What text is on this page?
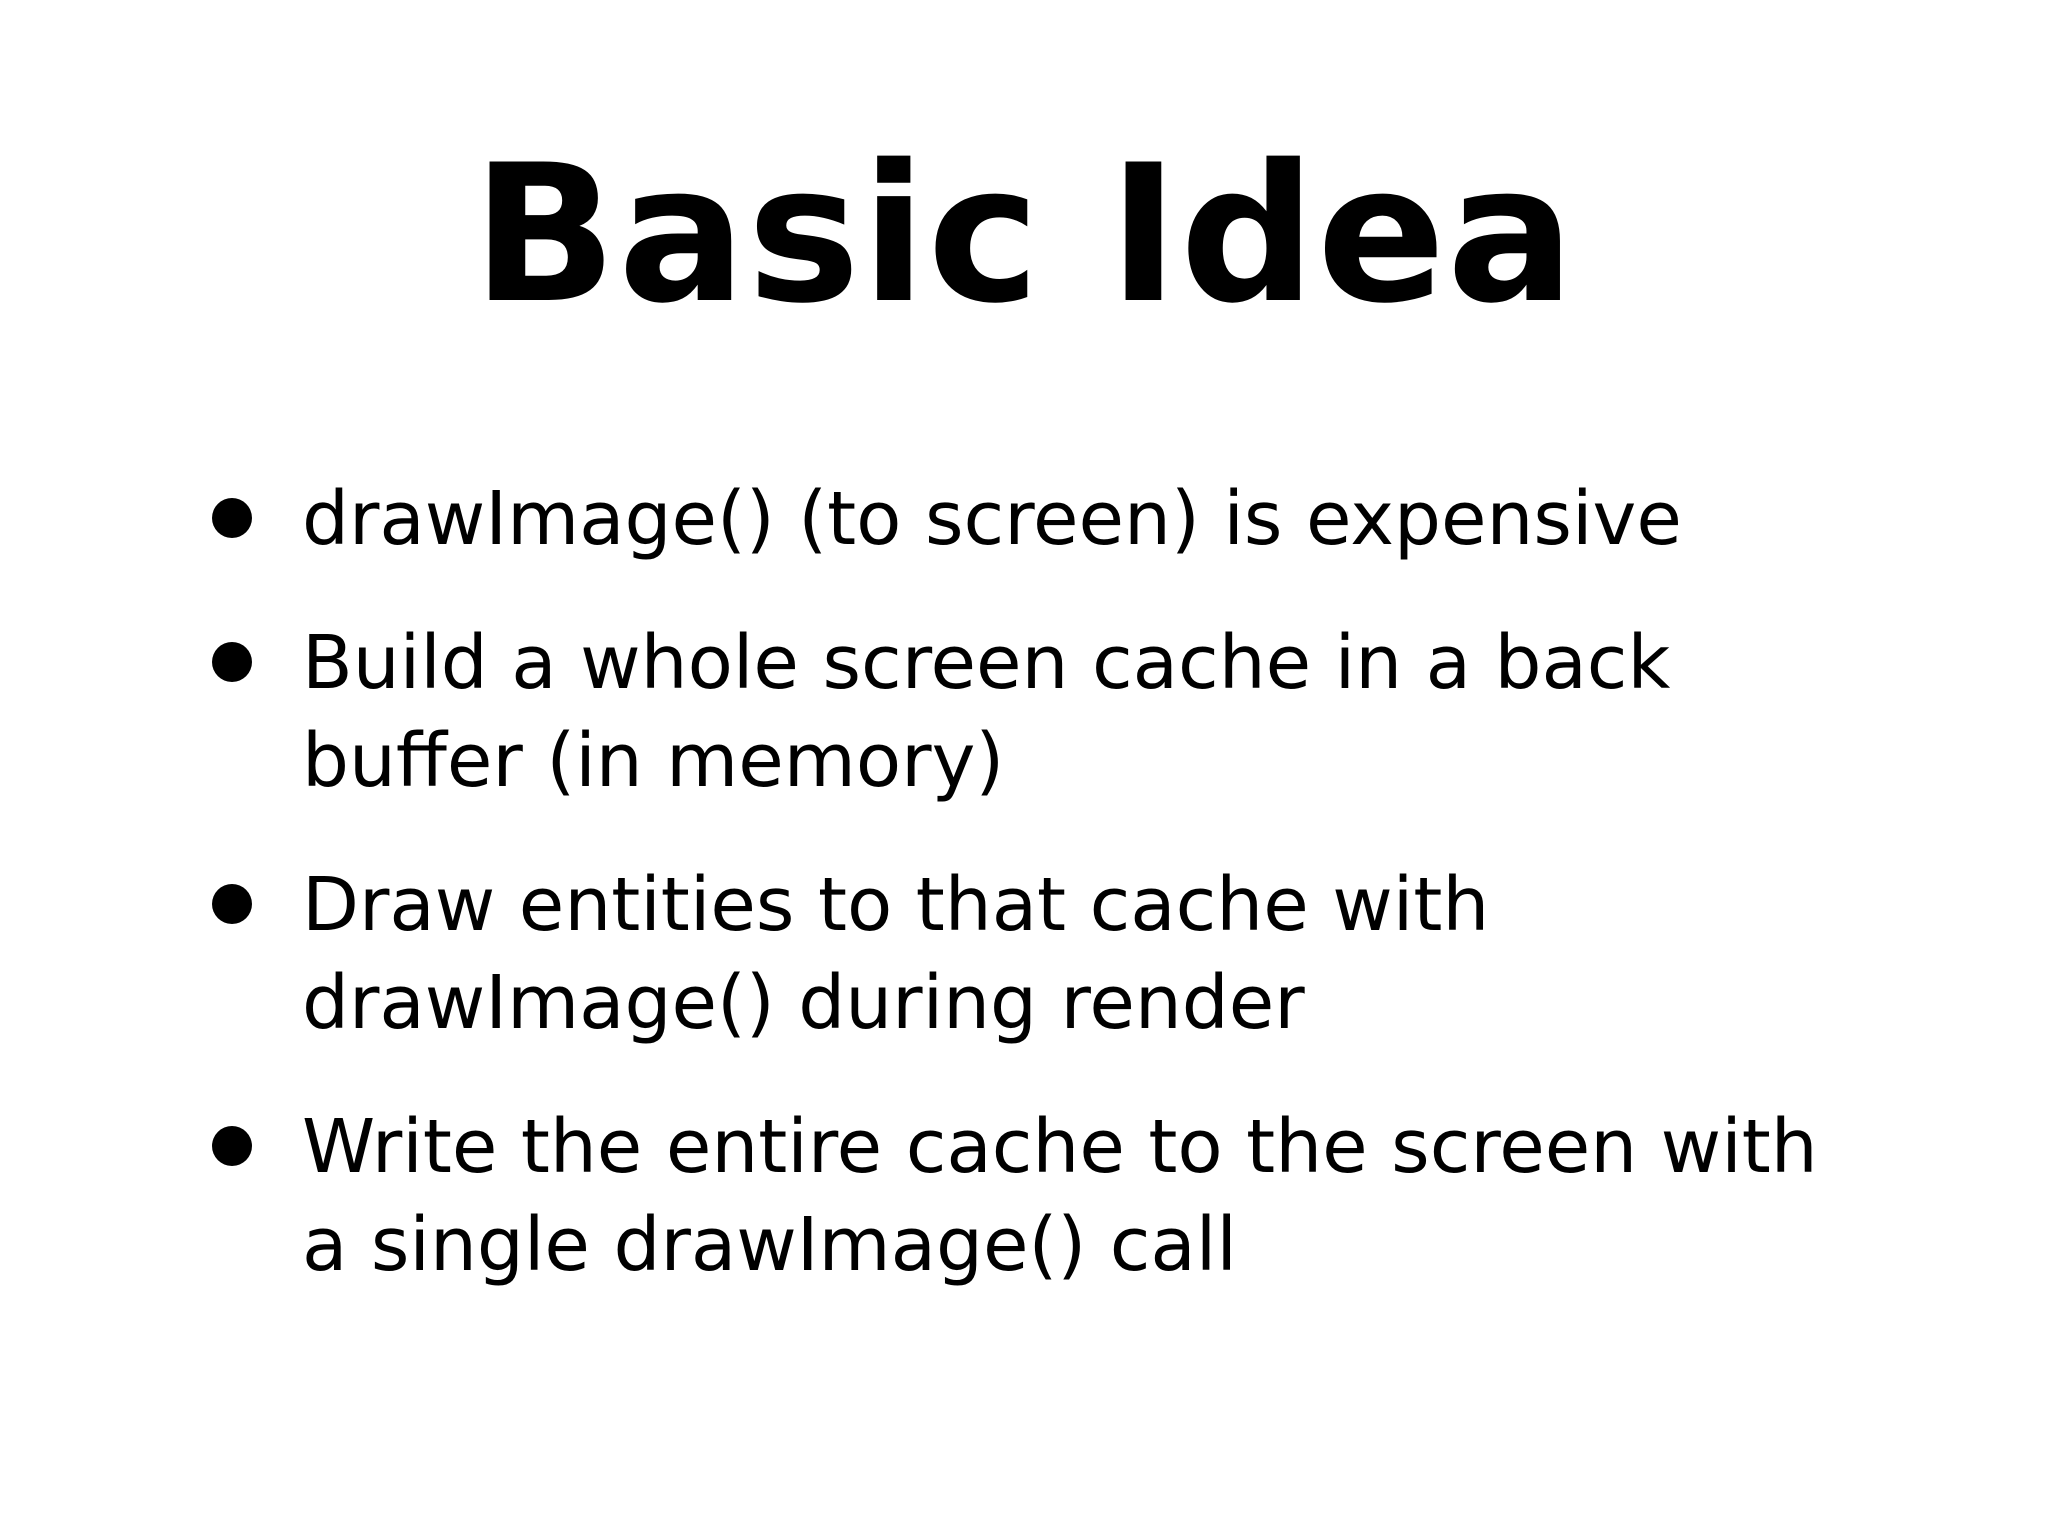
Basic Idea
drawImage() (to screen) is expensive
Build a whole screen cache in a back buffer (in memory)
Draw entities to that cache with drawImage() during render
Write the entire cache to the screen with a single drawImage() call
